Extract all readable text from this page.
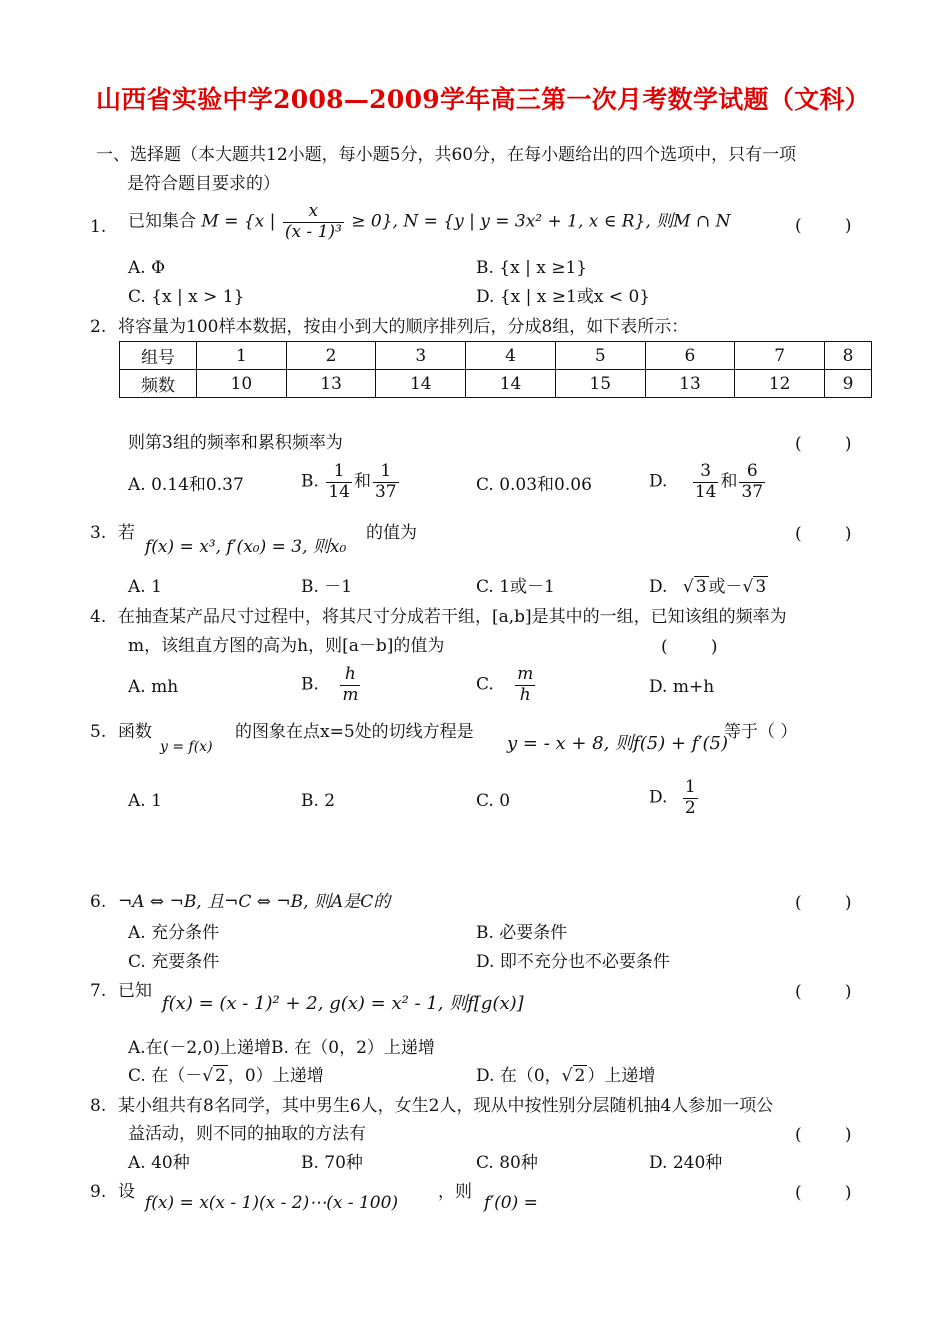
山西省实验中学2008—2009学年高三第一次月考数学试题（文科）
一、选择题（本大题共12小题，每小题5分，共60分，在每小题给出的四个选项中，只有一项
是符合题目要求的）
1. 已知集合 M = {x | $\frac{x}{\text{(x - 1)³}} \ge 0$}, N = {y | y = 3x² + 1, x ∈ R}, 则M ∩ N	(        )
A. Φ	B. {x | x ≥1}
C. {x | x > 1}	D. {x | x ≥1或x < 0}
2. 将容量为100样本数据，按由小到大的顺序排列后，分成8组，如下表所示：
组号	1	2	3	4	5	6	7	8
频数	10	13	14	14	15	13	12	9
则第3组的频率和累积频率为	(        )
A. 0.14和0.37	B. $\frac{1}{14}$ 和 $\frac{1}{37}$	C. 0.03和0.06	D. $\frac{3}{14}$ 和 $\frac{6}{37}$
3. 若
f(x) = x³, f′(x₀) = 3, 则x₀
的值为	(        )
A. 1	B. －1	C. 1或－1	D. √ 3 或－√ 3
4. 在抽查某产品尺寸过程中，将其尺寸分成若干组，[a,b]是其中的一组，已知该组的频率为
m，该组直方图的高为h，则[a－b]的值为	(        )
A. mh	B. $\frac{h}{m}$	C. $\frac{m}{h}$	D. m+h
5. 函数
y = f(x)
的图象在点x=5处的切线方程是
y = - x + 8, 则f(5) + f′(5)
等于（ ）
A. 1	B. 2	C. 0	D. $\frac{1}{2}$
6. ¬A ⇔ ¬B, 且¬C ⇔ ¬B, 则A是C的	(        )
A. 充分条件	B. 必要条件
C. 充要条件	D. 即不充分也不必要条件
7. 已知
f(x) = (x - 1)² + 2, g(x) = x² - 1, 则f[g(x)]
(        )
A.在(－2,0)上递增B. 在（0，2）上递增
C. 在（－√ 2 ，0）上递增	D. 在（0，√ 2 ）上递增
8. 某小组共有8名同学，其中男生6人，女生2人，现从中按性别分层随机抽4人参加一项公
益活动，则不同的抽取的方法有	(        )
A. 40种	B. 70种	C. 80种	D. 240种
9. 设
f(x) = x(x - 1)(x - 2)⋯(x - 100)
，则
f′(0) =	(        )
